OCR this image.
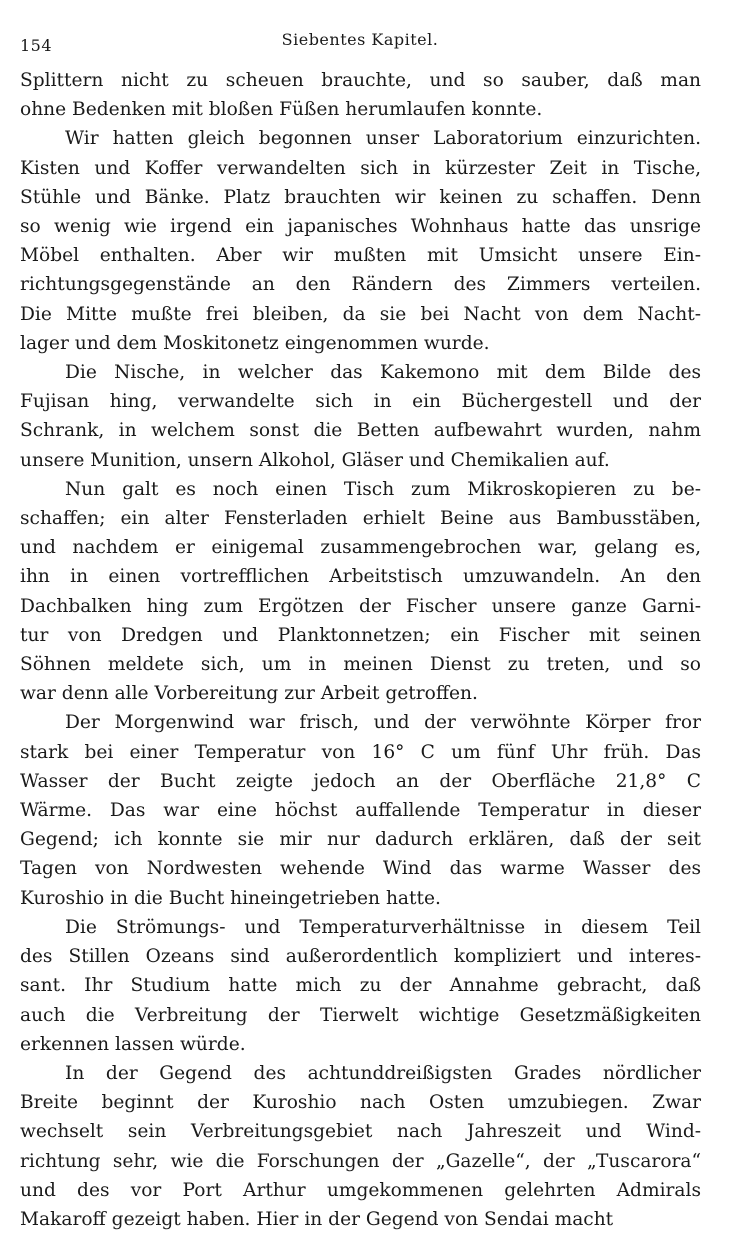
154	Siebentes Kapitel.
Splittern nicht zu scheuen brauchte, und so sauber, daß man
ohne Bedenken mit bloßen Füßen herumlaufen konnte.
Wir hatten gleich begonnen unser Laboratorium einzurichten.
Kisten und Koffer verwandelten sich in kürzester Zeit in Tische,
Stühle und Bänke. Platz brauchten wir keinen zu schaffen. Denn
so wenig wie irgend ein japanisches Wohnhaus hatte das unsrige
Möbel enthalten. Aber wir mußten mit Umsicht unsere Ein-
richtungsgegenstände an den Rändern des Zimmers verteilen.
Die Mitte mußte frei bleiben, da sie bei Nacht von dem Nacht-
lager und dem Moskitonetz eingenommen wurde.
Die Nische, in welcher das Kakemono mit dem Bilde des
Fujisan hing, verwandelte sich in ein Büchergestell und der
Schrank, in welchem sonst die Betten aufbewahrt wurden, nahm
unsere Munition, unsern Alkohol, Gläser und Chemikalien auf.
Nun galt es noch einen Tisch zum Mikroskopieren zu be-
schaffen; ein alter Fensterladen erhielt Beine aus Bambusstäben,
und nachdem er einigemal zusammengebrochen war, gelang es,
ihn in einen vortrefflichen Arbeitstisch umzuwandeln. An den
Dachbalken hing zum Ergötzen der Fischer unsere ganze Garni-
tur von Dredgen und Planktonnetzen; ein Fischer mit seinen
Söhnen meldete sich, um in meinen Dienst zu treten, und so
war denn alle Vorbereitung zur Arbeit getroffen.
Der Morgenwind war frisch, und der verwöhnte Körper fror
stark bei einer Temperatur von 16° C um fünf Uhr früh. Das
Wasser der Bucht zeigte jedoch an der Oberfläche 21,8° C
Wärme. Das war eine höchst auffallende Temperatur in dieser
Gegend; ich konnte sie mir nur dadurch erklären, daß der seit
Tagen von Nordwesten wehende Wind das warme Wasser des
Kuroshio in die Bucht hineingetrieben hatte.
Die Strömungs- und Temperaturverhältnisse in diesem Teil
des Stillen Ozeans sind außerordentlich kompliziert und interes-
sant. Ihr Studium hatte mich zu der Annahme gebracht, daß
auch die Verbreitung der Tierwelt wichtige Gesetzmäßigkeiten
erkennen lassen würde.
In der Gegend des achtunddreißigsten Grades nördlicher
Breite beginnt der Kuroshio nach Osten umzubiegen. Zwar
wechselt sein Verbreitungsgebiet nach Jahreszeit und Wind-
richtung sehr, wie die Forschungen der „Gazelle“, der „Tuscarora“
und des vor Port Arthur umgekommenen gelehrten Admirals
Makaroff gezeigt haben. Hier in der Gegend von Sendai macht
